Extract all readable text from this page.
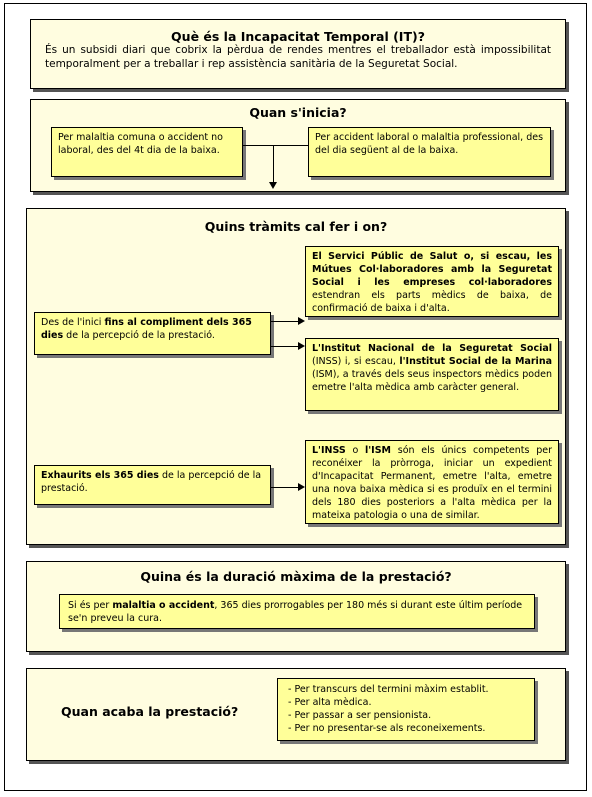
Què és la Incapacitat Temporal (IT)?
És un subsidi diari que cobrix la pèrdua de rendes mentres el treballador està impossibilitat temporalment per a treballar i rep assistència sanitària de la Seguretat Social.
Quan s'inicia?
Per malaltia comuna o accident no laboral, des del 4t dia de la baixa.
Per accident laboral o malaltia professional, des del dia següent al de la baixa.
Quins tràmits cal fer i on?
Des de l'inici fins al compliment dels 365 dies de la percepció de la prestació.
Exhaurits els 365 dies de la percepció de la prestació.
El Servici Públic de Salut o, si escau, les Mútues Col·laboradores amb la Seguretat Social i les empreses col·laboradores estendran els parts mèdics de baixa, de confirmació de baixa i d'alta.
L'Institut Nacional de la Seguretat Social (INSS) i, si escau, l'Institut Social de la Marina (ISM), a través dels seus inspectors mèdics poden emetre l'alta mèdica amb caràcter general.
L'INSS o l'ISM són els únics competents per reconéixer la pròrroga, iniciar un expedient d'Incapacitat Permanent, emetre l'alta, emetre una nova baixa mèdica si es produïx en el termini dels 180 dies posteriors a l'alta mèdica per la mateixa patologia o una de similar.
Quina és la duració màxima de la prestació?
Si és per malaltia o accident, 365 dies prorrogables per 180 més si durant este últim període se'n preveu la cura.
Quan acaba la prestació?
- Per transcurs del termini màxim establit.
- Per alta mèdica.
- Per passar a ser pensionista.
- Per no presentar-se als reconeixements.
